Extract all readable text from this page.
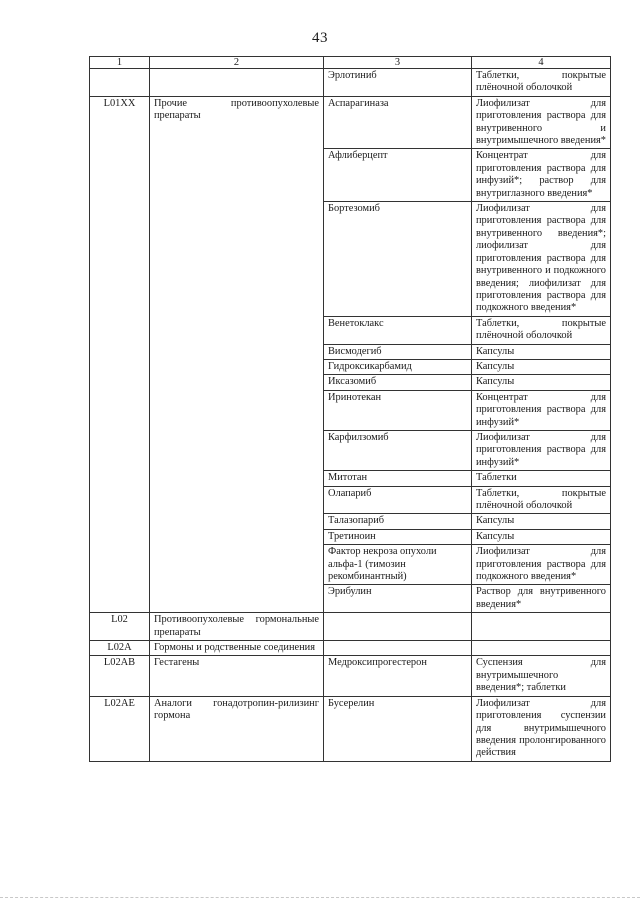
43
1	2	3	4
		Эрлотиниб	Таблетки, покрытые плёночной оболочкой
L01XX	Прочие противоопухолевые препараты	Аспарагиназа	Лиофилизат для приготовления раствора для внутривенного и внутримышечного введения*
		Афлиберцепт	Концентрат для приготовления раствора для инфузий*; раствор для внутриглазного введения*
		Бортезомиб	Лиофилизат для приготовления раствора для внутривенного введения*; лиофилизат для приготовления раствора для внутривенного и подкожного введения; лиофилизат для приготовления раствора для подкожного введения*
		Венетоклакс	Таблетки, покрытые плёночной оболочкой
		Висмодегиб	Капсулы
		Гидроксикарбамид	Капсулы
		Иксазомиб	Капсулы
		Иринотекан	Концентрат для приготовления раствора для инфузий*
		Карфилзомиб	Лиофилизат для приготовления раствора для инфузий*
		Митотан	Таблетки
		Олапариб	Таблетки, покрытые плёночной оболочкой
		Талазопариб	Капсулы
		Третиноин	Капсулы
		Фактор некроза опухоли альфа-1 (тимозин рекомбинантный)	Лиофилизат для приготовления раствора для подкожного введения*
		Эрибулин	Раствор для внутривенного введения*
L02	Противоопухолевые гормональные препараты		
L02A	Гормоны и родственные соединения		
L02AB	Гестагены	Медроксипрогестерон	Суспензия для внутримышечного введения*; таблетки
L02AE	Аналоги гонадотропин-рилизинг гормона	Бусерелин	Лиофилизат для приготовления суспензии для внутримышечного введения пролонгированного действия
